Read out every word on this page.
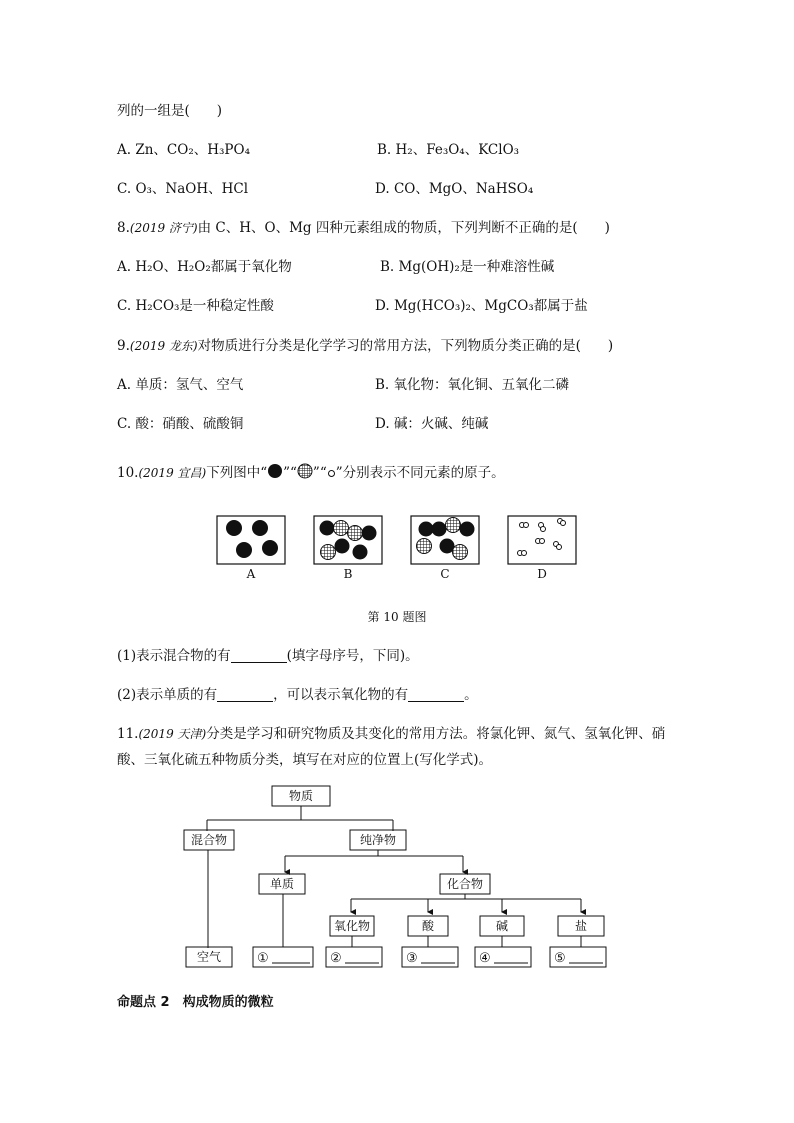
列的一组是(　　)
A. Zn、CO₂、H₃PO₄	B. H₂、Fe₃O₄、KClO₃
C. O₃、NaOH、HCl	D. CO、MgO、NaHSO₄
8.(2019 济宁)由 C、H、O、Mg 四种元素组成的物质，下列判断不正确的是(　　)
A. H₂O、H₂O₂都属于氧化物	B. Mg(OH)₂是一种难溶性碱
C. H₂CO₃是一种稳定性酸	D. Mg(HCO₃)₂、MgCO₃都属于盐
9.(2019 龙东)对物质进行分类是化学学习的常用方法，下列物质分类正确的是(　　)
A. 单质：氢气、空气	B. 氧化物：氧化铜、五氧化二磷
C. 酸：硝酸、硫酸铜	D. 碱：火碱、纯碱
10.(2019 宜昌)下列图中“ ”“ ”“ ”分别表示不同元素的原子。
A	B	C	D
第 10 题图
(1)表示混合物的有	(填字母序号，下同)。
(2)表示单质的有	，可以表示氧化物的有	。
11.(2019 天津)分类是学习和研究物质及其变化的常用方法。将氯化钾、氮气、氢氧化钾、硝
酸、三氧化硫五种物质分类，填写在对应的位置上(写化学式)。
物质
混合物	纯净物
空气
单质	化合物
氧化物	酸	碱	盐
①	②	③	④	⑤
命题点 2　构成物质的微粒
